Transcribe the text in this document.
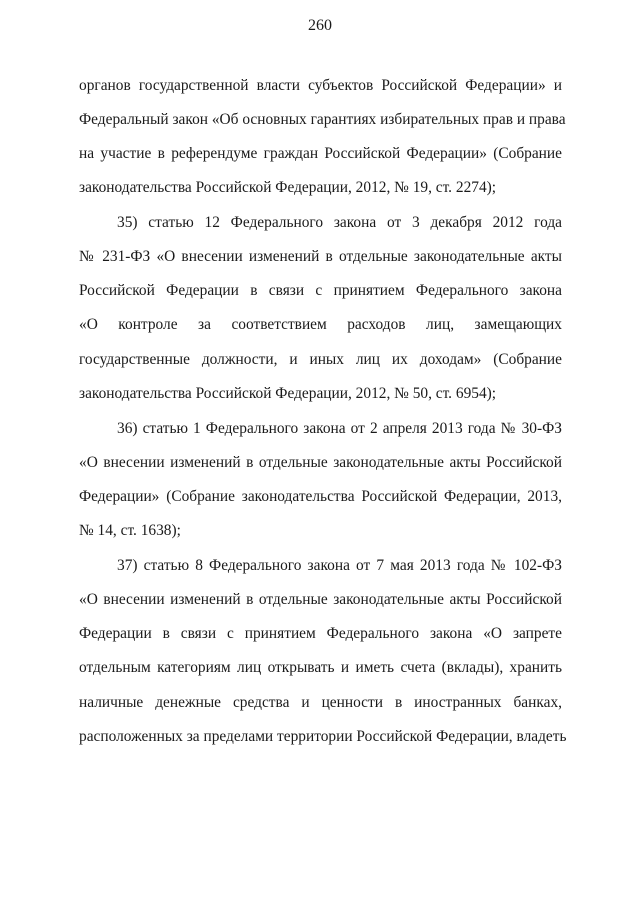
260
органов государственной власти субъектов Российской Федерации» и
Федеральный закон «Об основных гарантиях избирательных прав и права
на участие в референдуме граждан Российской Федерации» (Собрание
законодательства Российской Федерации, 2012, № 19, ст. 2274);
35) статью 12 Федерального закона от 3 декабря 2012 года
№ 231-ФЗ «О внесении изменений в отдельные законодательные акты
Российской Федерации в связи с принятием Федерального закона
«О контроле за соответствием расходов лиц, замещающих
государственные должности, и иных лиц их доходам» (Собрание
законодательства Российской Федерации, 2012, № 50, ст. 6954);
36) статью 1 Федерального закона от 2 апреля 2013 года № 30-ФЗ
«О внесении изменений в отдельные законодательные акты Российской
Федерации» (Собрание законодательства Российской Федерации, 2013,
№ 14, ст. 1638);
37) статью 8 Федерального закона от 7 мая 2013 года № 102-ФЗ
«О внесении изменений в отдельные законодательные акты Российской
Федерации в связи с принятием Федерального закона «О запрете
отдельным категориям лиц открывать и иметь счета (вклады), хранить
наличные денежные средства и ценности в иностранных банках,
расположенных за пределами территории Российской Федерации, владеть
